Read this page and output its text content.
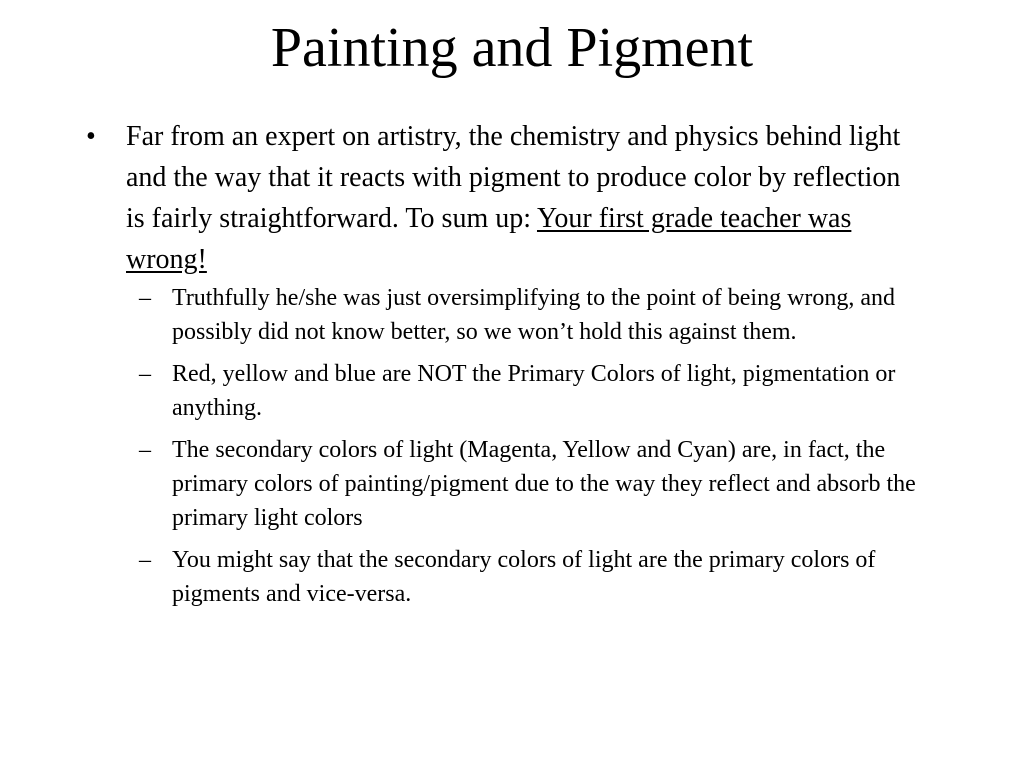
Painting and Pigment
• Far from an expert on artistry, the chemistry and physics behind light and the way that it reacts with pigment to produce color by reflection is fairly straightforward. To sum up: Your first grade teacher was wrong!
– Truthfully he/she was just oversimplifying to the point of being wrong, and possibly did not know better, so we won’t hold this against them.
– Red, yellow and blue are NOT the Primary Colors of light, pigmentation or anything.
– The secondary colors of light (Magenta, Yellow and Cyan) are, in fact, the primary colors of painting/pigment due to the way they reflect and absorb the primary light colors
– You might say that the secondary colors of light are the primary colors of pigments and vice-versa.
